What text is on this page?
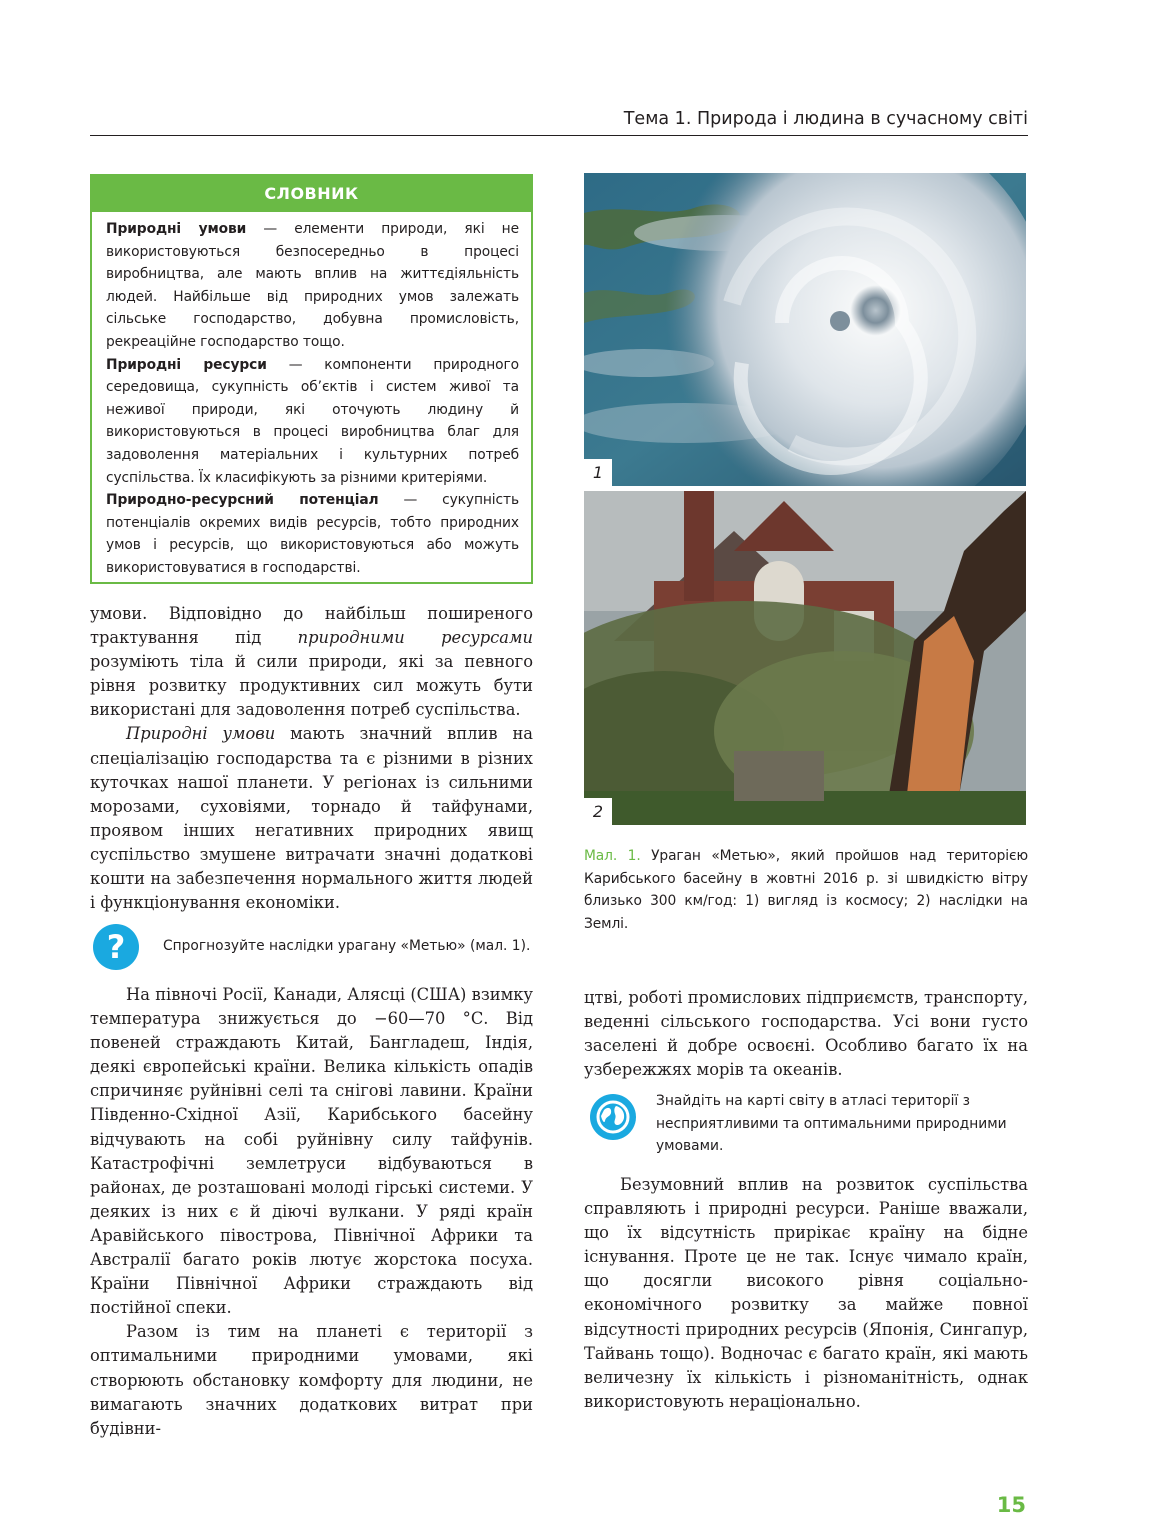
Тема 1. Природа і людина в сучасному світі
СЛОВНИК

Природні умови — елементи природи, які не використовуються безпосередньо в процесі виробництва, але мають вплив на життєдіяльність людей. Найбільше від природних умов залежать сільське господарство, добувна промисловість, рекреаційне господарство тощо.

Природні ресурси — компоненти природного середовища, сукупність об’єктів і систем живої та неживої природи, які оточують людину й використовуються в процесі виробництва благ для задоволення матеріальних і культурних потреб суспільства. Їх класифікують за різними критеріями.

Природно-ресурсний потенціал — сукупність потенціалів окремих видів ресурсів, тобто природних умов і ресурсів, що використовуються або можуть використовуватися в господарстві.

1
2
Мал. 1. Ураган «Метью», який пройшов над територією Карибського басейну в жовтні 2016 р. зі швидкістю вітру близько 300 км/год: 1) вигляд із космосу; 2) наслідки на Землі.

умови. Відповідно до найбільш поширеного трактування під природними ресурсами розуміють тіла й сили природи, які за певного рівня розвитку продуктивних сил можуть бути використані для задоволення потреб суспільства.

Природні умови мають значний вплив на спеціалізацію господарства та є різними в різних куточках нашої планети. У регіонах із сильними морозами, суховіями, торнадо й тайфунами, проявом інших негативних природних явищ суспільство змушене витрачати значні додаткові кошти на забезпечення нормального життя людей і функціонування економіки.

?	Спрогнозуйте наслідки урагану «Метью» (мал. 1).

На півночі Росії, Канади, Алясці (США) взимку температура знижується до −60—70 °С. Від повеней страждають Китай, Бангладеш, Індія, деякі європейські країни. Велика кількість опадів спричиняє руйнівні селі та снігові лавини. Країни Південно-Східної Азії, Карибського басейну відчувають на собі руйнівну силу тайфунів. Катастрофічні землетруси відбуваються в районах, де розташовані молоді гірські системи. У деяких із них є й діючі вулкани. У ряді країн Аравійського півострова, Північної Африки та Австралії багато років лютує жорстока посуха. Країни Північної Африки страждають від постійної спеки.

Разом із тим на планеті є території з оптимальними природними умовами, які створюють обстановку комфорту для людини, не вимагають значних додаткових витрат при будівни-

цтві, роботі промислових підприємств, транспорту, веденні сільського господарства. Усі вони густо заселені й добре освоєні. Особливо багато їх на узбережжях морів та океанів.

Знайдіть на карті світу в атласі території з несприятливими та оптимальними природними умовами.

Безумовний вплив на розвиток суспільства справляють і природні ресурси. Раніше вважали, що їх відсутність прирікає країну на бідне існування. Проте це не так. Існує чимало країн, що досягли високого рівня соціально-економічного розвитку за майже повної відсутності природних ресурсів (Японія, Сингапур, Тайвань тощо). Водночас є багато країн, які мають величезну їх кількість і різноманітність, однак використовують нераціонально.

15
